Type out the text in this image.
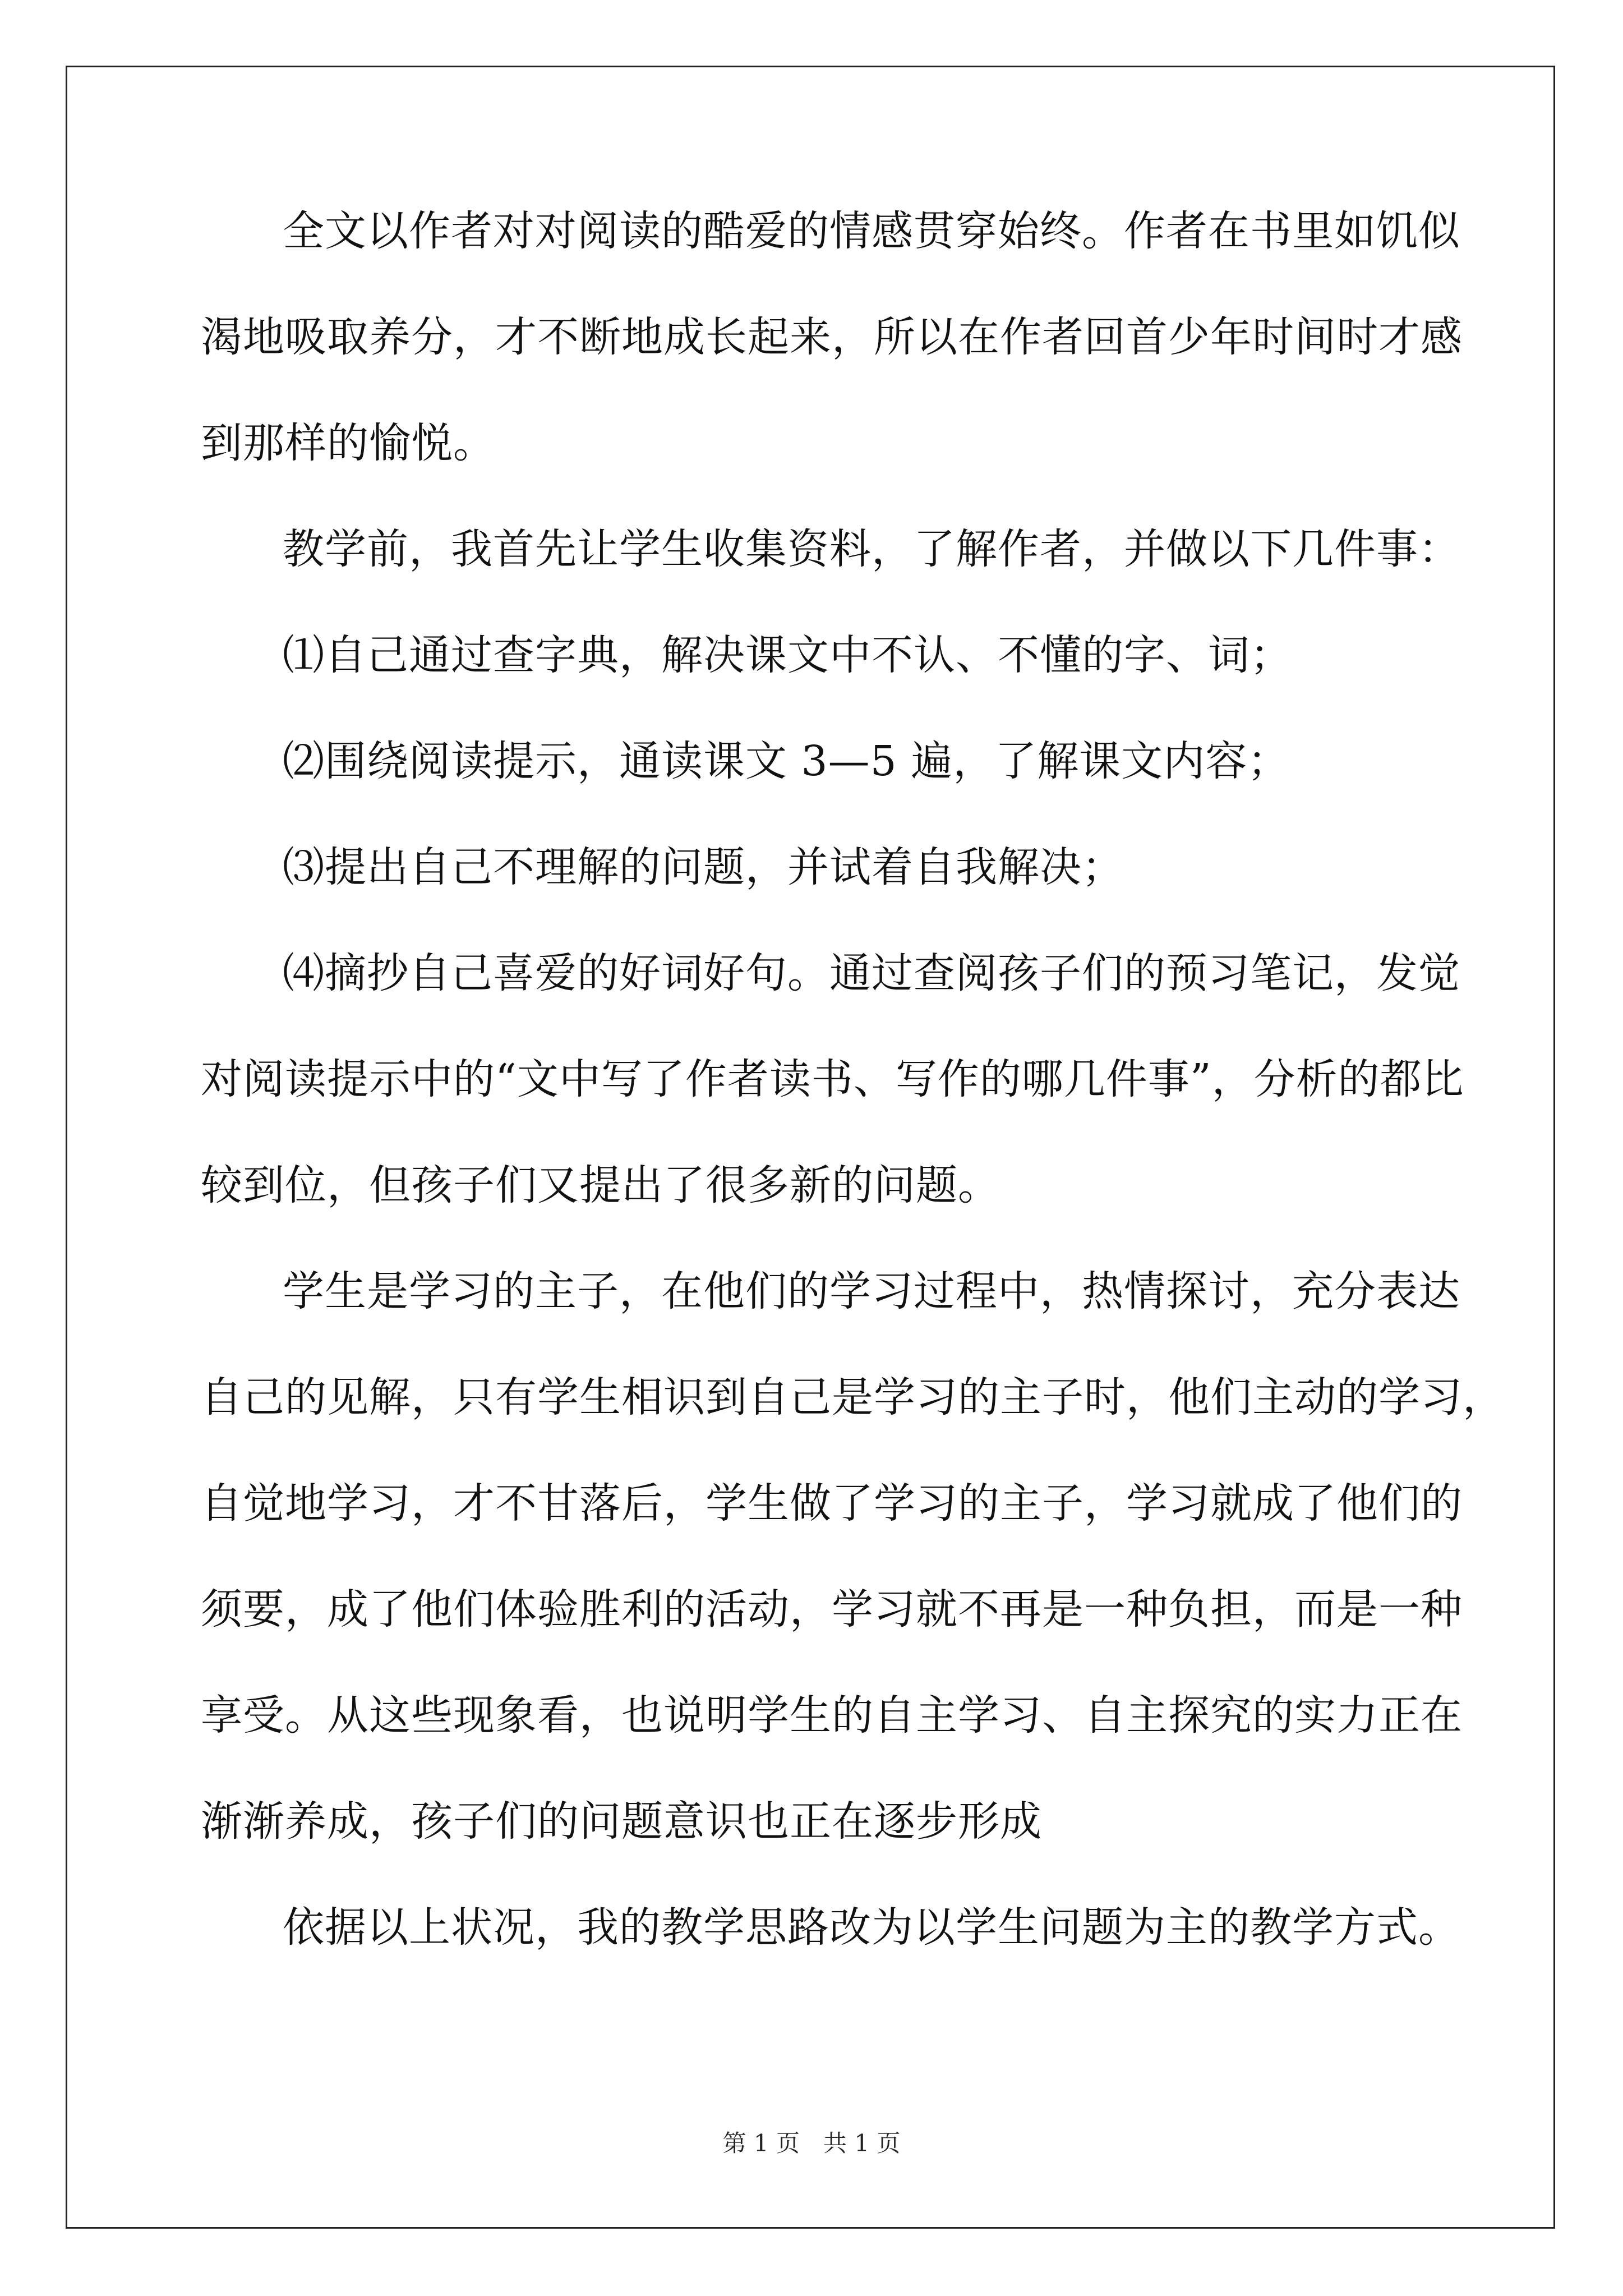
全文以作者对对阅读的酷爱的情感贯穿始终。作者在书里如饥似
渴地吸取养分，才不断地成长起来，所以在作者回首少年时间时才感
到那样的愉悦。
教学前，我首先让学生收集资料，了解作者，并做以下几件事：
⑴自己通过查字典，解决课文中不认、不懂的字、词；
⑵围绕阅读提示，通读课文 3—5 遍，了解课文内容；
⑶提出自己不理解的问题，并试着自我解决；
⑷摘抄自己喜爱的好词好句。通过查阅孩子们的预习笔记，发觉
对阅读提示中的“文中写了作者读书、写作的哪几件事”，分析的都比
较到位，但孩子们又提出了很多新的问题。
学生是学习的主子，在他们的学习过程中，热情探讨，充分表达
自己的见解，只有学生相识到自己是学习的主子时，他们主动的学习，
自觉地学习，才不甘落后，学生做了学习的主子，学习就成了他们的
须要，成了他们体验胜利的活动，学习就不再是一种负担，而是一种
享受。从这些现象看，也说明学生的自主学习、自主探究的实力正在
渐渐养成，孩子们的问题意识也正在逐步形成
依据以上状况，我的教学思路改为以学生问题为主的教学方式。
第 1 页　共 1 页
